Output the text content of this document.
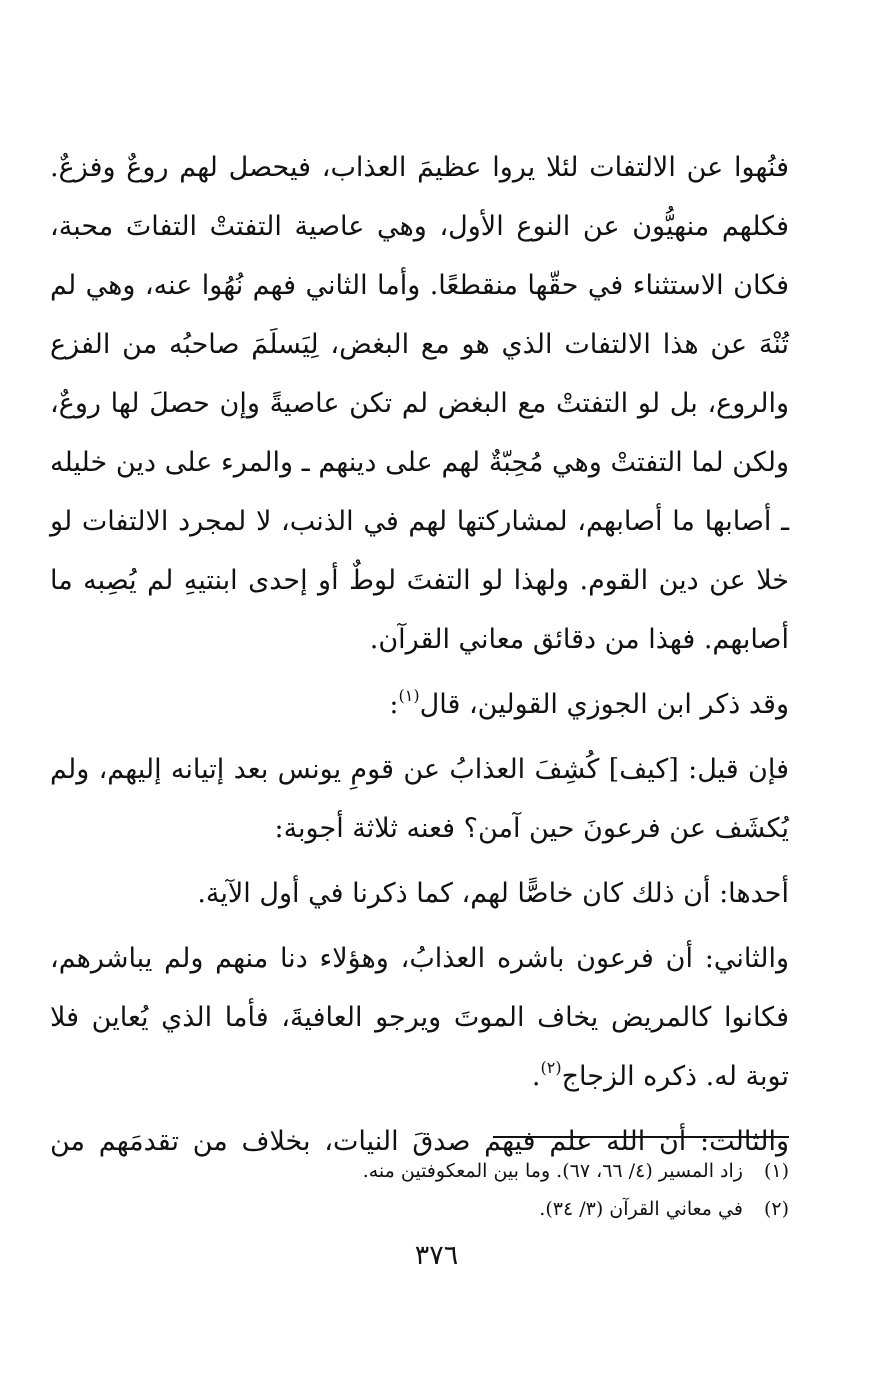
فنُهوا عن الالتفات لئلا يروا عظيمَ العذاب، فيحصل لهم روعٌ وفزعٌ. فكلهم منهيُّون عن النوع الأول، وهي عاصية التفتتْ التفاتَ محبة، فكان الاستثناء في حقّها منقطعًا. وأما الثاني فهم نُهُوا عنه، وهي لم تُنْهَ عن هذا الالتفات الذي هو مع البغض، لِيَسلَمَ صاحبُه من الفزع والروع، بل لو التفتتْ مع البغض لم تكن عاصيةً وإن حصلَ لها روعٌ، ولكن لما التفتتْ وهي مُحِبّةٌ لهم على دينهم ـ والمرء على دين خليله ـ أصابها ما أصابهم، لمشاركتها لهم في الذنب، لا لمجرد الالتفات لو خلا عن دين القوم. ولهذا لو التفتَ لوطٌ أو إحدى ابنتيهِ لم يُصِبه ما أصابهم. فهذا من دقائق معاني القرآن.

وقد ذكر ابن الجوزي القولين، قال$^{(١)}$:

فإن قيل: [كيف] كُشِفَ العذابُ عن قومِ يونس بعد إتيانه إليهم، ولم يُكشَف عن فرعونَ حين آمن؟ فعنه ثلاثة أجوبة:

أحدها: أن ذلك كان خاصًّا لهم، كما ذكرنا في أول الآية.

والثاني: أن فرعون باشره العذابُ، وهؤلاء دنا منهم ولم يباشرهم، فكانوا كالمريض يخاف الموتَ ويرجو العافيةَ، فأما الذي يُعاين فلا توبة له. ذكره الزجاج$^{(٢)}$.

والثالث: أن الله علم فيهم صدقَ النيات، بخلاف من تقدمَهم من

(١) زاد المسير (٤/ ٦٦، ٦٧). وما بين المعكوفتين منه.
(٢) في معاني القرآن (٣/ ٣٤).
٣٧٦
